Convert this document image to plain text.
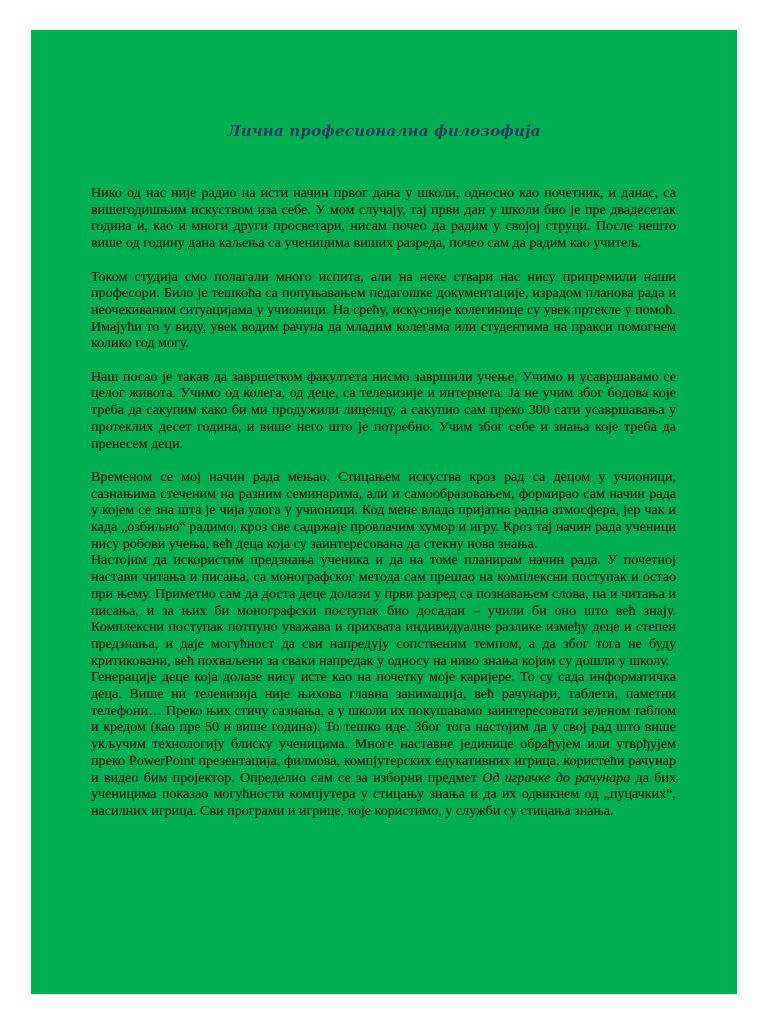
Лична професионална филозофија

Нико од нас није радио на исти начин првог дана у школи, односно као почетник, и данас, са вишегодишњим искуством иза себе. У мом случају, тај први дан у школи био је пре двадесетак година и, као и многи други просветари, нисам почео да радим у својој струци. После нешто више од годину дана каљења са ученицима виших разреда, почео сам да радим као учитељ.

Током студија смо полагали много испита, али на неке ствари нас нису припремили наши професори. Било је тешкоћа са попуњавањем педагошке документације, израдом планова рада и неочекиваним ситуацијама у учионици. На срећу, искусније колегинице су увек пртекле у помоћ. Имајући то у виду, увек водим рачуна да младим колегама или студентима на пракси помогнем колико год могу.

Наш посао је такав да завршетком факултета нисмо завршили учење. Учимо и усавршавамо се целог живота. Учимо од колега, од деце, са телевизије и интернета. Ја не учим због бодова које треба да сакупим како би ми продужили лиценцу, а сакупио сам преко 300 сати усавршавања у протеклих десет година, и више него што је потребно. Учим због себе и знања које треба да пренесем деци.

Временом се мој начин рада мењао. Стицањем искуства кроз рад са децом у учионици, сазнањима стеченим на разним семинарима, али и самообразовањем, формирао сам начин рада у којем се зна шта је чија улога у учионици. Код мене влада пријатна радна атмосфера, јер чак и када „озбиљно“ радимо, кроз све садржаје провлачим хумор и игру. Кроз тај начин рада ученици нису робови учења, већ деца која су заинтересована да стекну нова знања.

Настојим да искористим предзнања ученика и да на томе планирам начин рада. У почетној настави читања и писања, са монографског метода сам прешао на комплексни поступак и остао при њему. Приметио сам да доста деце долази у први разред са познавањем слова, па и читања и писања, и за њих би монографски поступак био досадан – учили би оно што већ знају. Комплексни поступак потпуно уважава и прихвата индивидуалне разлике између деце и степен предзнања, и даје могућност да сви напредују сопственим темпом, а да због тога не буду критиковани, већ похваљени за сваки напредак у односу на ниво знања којим су дошли у школу.

Генерације деце која долазе нису исте као на почетку моје каријере. То су сада информатичка деца. Више ни телевизија није њихова главна занимација, већ рачунари, таблети, паметни телефони… Преко њих стичу сазнања, а у школи их покушавамо заинтересовати зеленом таблом и кредом (као пре 50 и више година). То тешко иде. Због тога настојим да у свој рад што више укључим технологију блиску ученицима. Многе наставне јединице обрађујем или утврђујем преко PowerPoint презентација, филмова, компјутерских едукативних игрица, користећи рачунар и видео бим пројектор. Определио сам се за изборни предмет Од играчке до рачунара да бих ученицима показао могућности компјутера у стицању знања и да их одвикнем од „пуцачких“, насилних игрица. Сви програми и игрице, које користимо, у служби су стицања знања.
